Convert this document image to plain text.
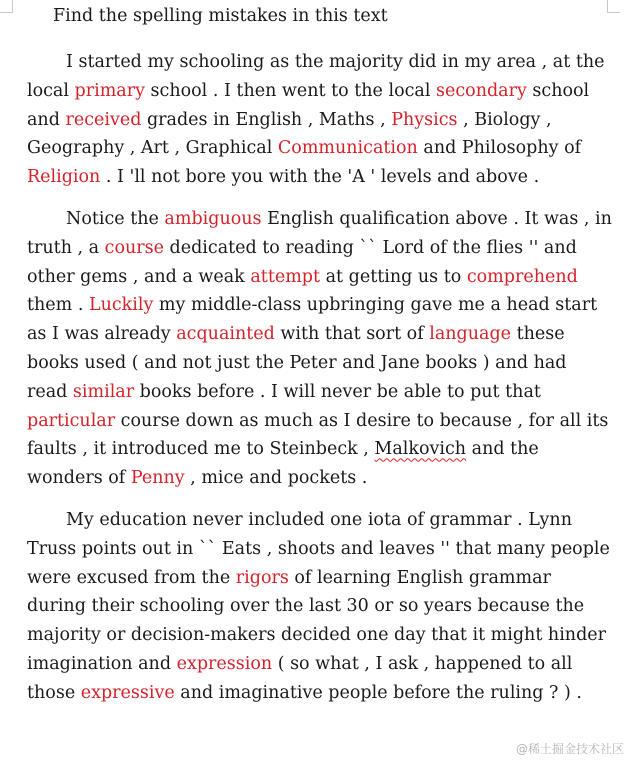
Find the spelling mistakes in this text

I started my schooling as the majority did in my area , at the local primary school . I then went to the local secondary school and received grades in English , Maths , Physics , Biology , Geography , Art , Graphical Communication and Philosophy of Religion . I 'll not bore you with the 'A ' levels and above .

Notice the ambiguous English qualification above . It was , in truth , a course dedicated to reading `` Lord of the flies '' and other gems , and a weak attempt at getting us to comprehend them . Luckily my middle-class upbringing gave me a head start as I was already acquainted with that sort of language these books used ( and not just the Peter and Jane books ) and had read similar books before . I will never be able to put that particular course down as much as I desire to because , for all its faults , it introduced me to Steinbeck , Malkovich and the wonders of Penny , mice and pockets .

My education never included one iota of grammar . Lynn Truss points out in `` Eats , shoots and leaves '' that many people were excused from the rigors of learning English grammar during their schooling over the last 30 or so years because the majority or decision-makers decided one day that it might hinder imagination and expression ( so what , I ask , happened to all those expressive and imaginative people before the ruling ? ) .

@稀土掘金技术社区
